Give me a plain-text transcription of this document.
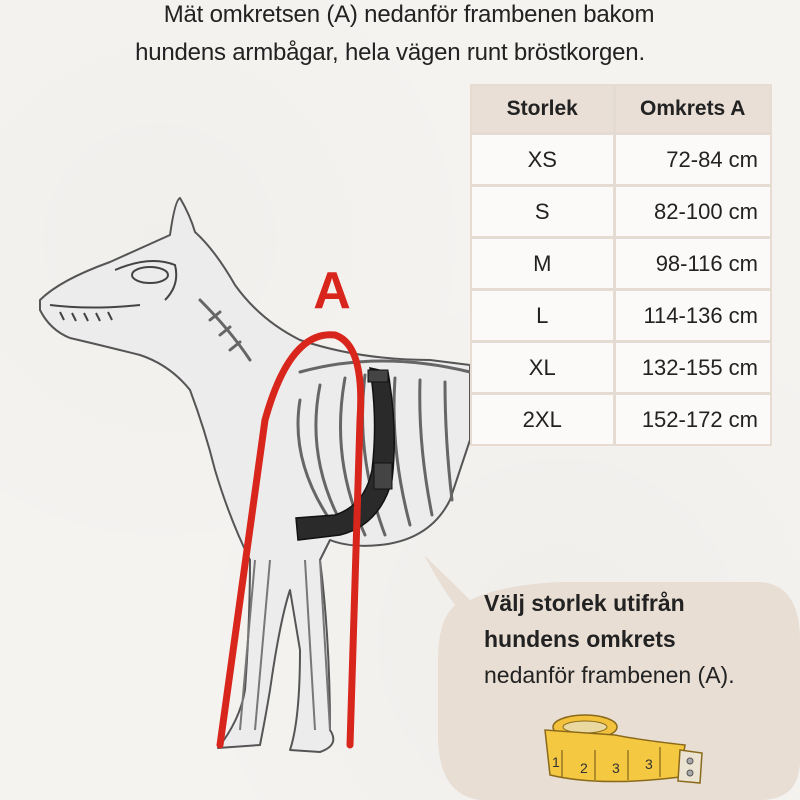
Mät omkretsen (A) nedanför frambenen bakom
hundens armbågar, hela vägen runt bröstkorgen.
A
Storlek	Omkrets A
XS	72-84 cm
S	82-100 cm
M	98-116 cm
L	114-136 cm
XL	132-155 cm
2XL	152-172 cm
Välj storlek utifrån
hundens omkrets
nedanför frambenen (A).
1 2 3 3
